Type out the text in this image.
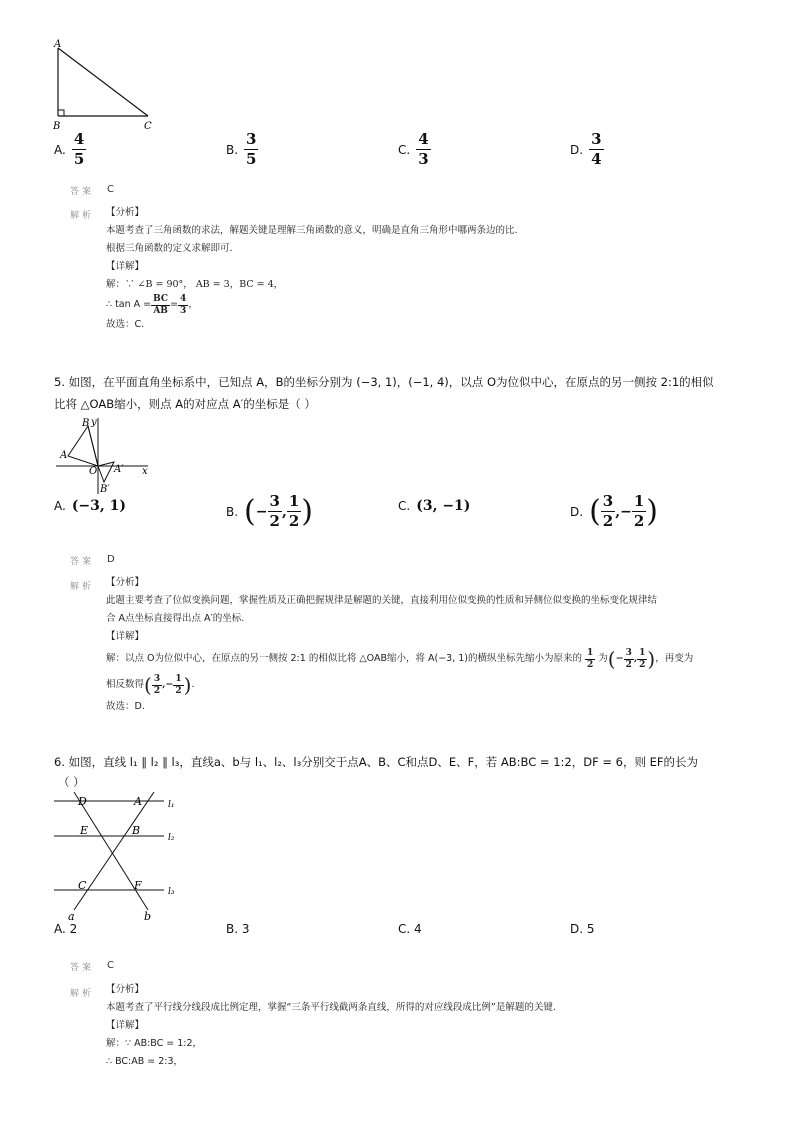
A
B	C
A. $\frac{4}{5}$	B. $\frac{3}{5}$	C. $\frac{4}{3}$	D. $\frac{3}{4}$
答案 C
解析 【分析】
本题考查了三角函数的求法，解题关键是理解三角函数的意义，明确是直角三角形中哪两条边的比.
根据三角函数的定义求解即可.
【详解】
解：∵ ∠B = 90°， AB = 3，BC = 4，
∴ $\tan A = \frac{BC}{AB} = \frac{4}{3}$ ，
故选：C.
5. 如图，在平面直角坐标系中，已知点 A，B的坐标分别为 (−3, 1)，(−1, 4)，以点 O为位似中心，在原点的另一侧按 2:1的相似
比将 △OAB缩小，则点 A的对应点 A′的坐标是（ ）
B y
A
O A′ x
B′
A. (−3, 1)	B. ( − $\frac{3}{2}$ , $\frac{1}{2}$ )	C. (3, −1)	D. ( $\frac{3}{2}$ , − $\frac{1}{2}$ )
答案 D
解析 【分析】
此题主要考查了位似变换问题，掌握性质及正确把握规律是解题的关键，直接利用位似变换的性质和异侧位似变换的坐标变化规律结
合 A点坐标直接得出点 A′的坐标.
【详解】
解：以点 O为位似中心，在原点的另一侧按 2:1 的相似比将 △OAB缩小，将 A(−3, 1)的横纵坐标先缩小为原来的 $\frac{1}{2}$ 为 ( − $\frac{3}{2}$ , $\frac{1}{2}$ ) ，再变为
相反数得 ( $\frac{3}{2}$ , − $\frac{1}{2}$ ) .
故选：D.
6. 如图，直线 l₁ ∥ l₂ ∥ l₃，直线a、b与 l₁、l₂、l₃分别交于点A、B、C和点D、E、F，若 AB:BC = 1:2，DF = 6，则 EF的长为
（ ）
D	A	l₁
E	B
l₂
C	F	l₃
a	b
A. 2	B. 3	C. 4	D. 5
答案 C
解析 【分析】
本题考查了平行线分线段成比例定理，掌握“三条平行线截两条直线，所得的对应线段成比例”是解题的关键.
【详解】
解：∵ AB:BC = 1:2，
∴ BC:AB = 2:3，
